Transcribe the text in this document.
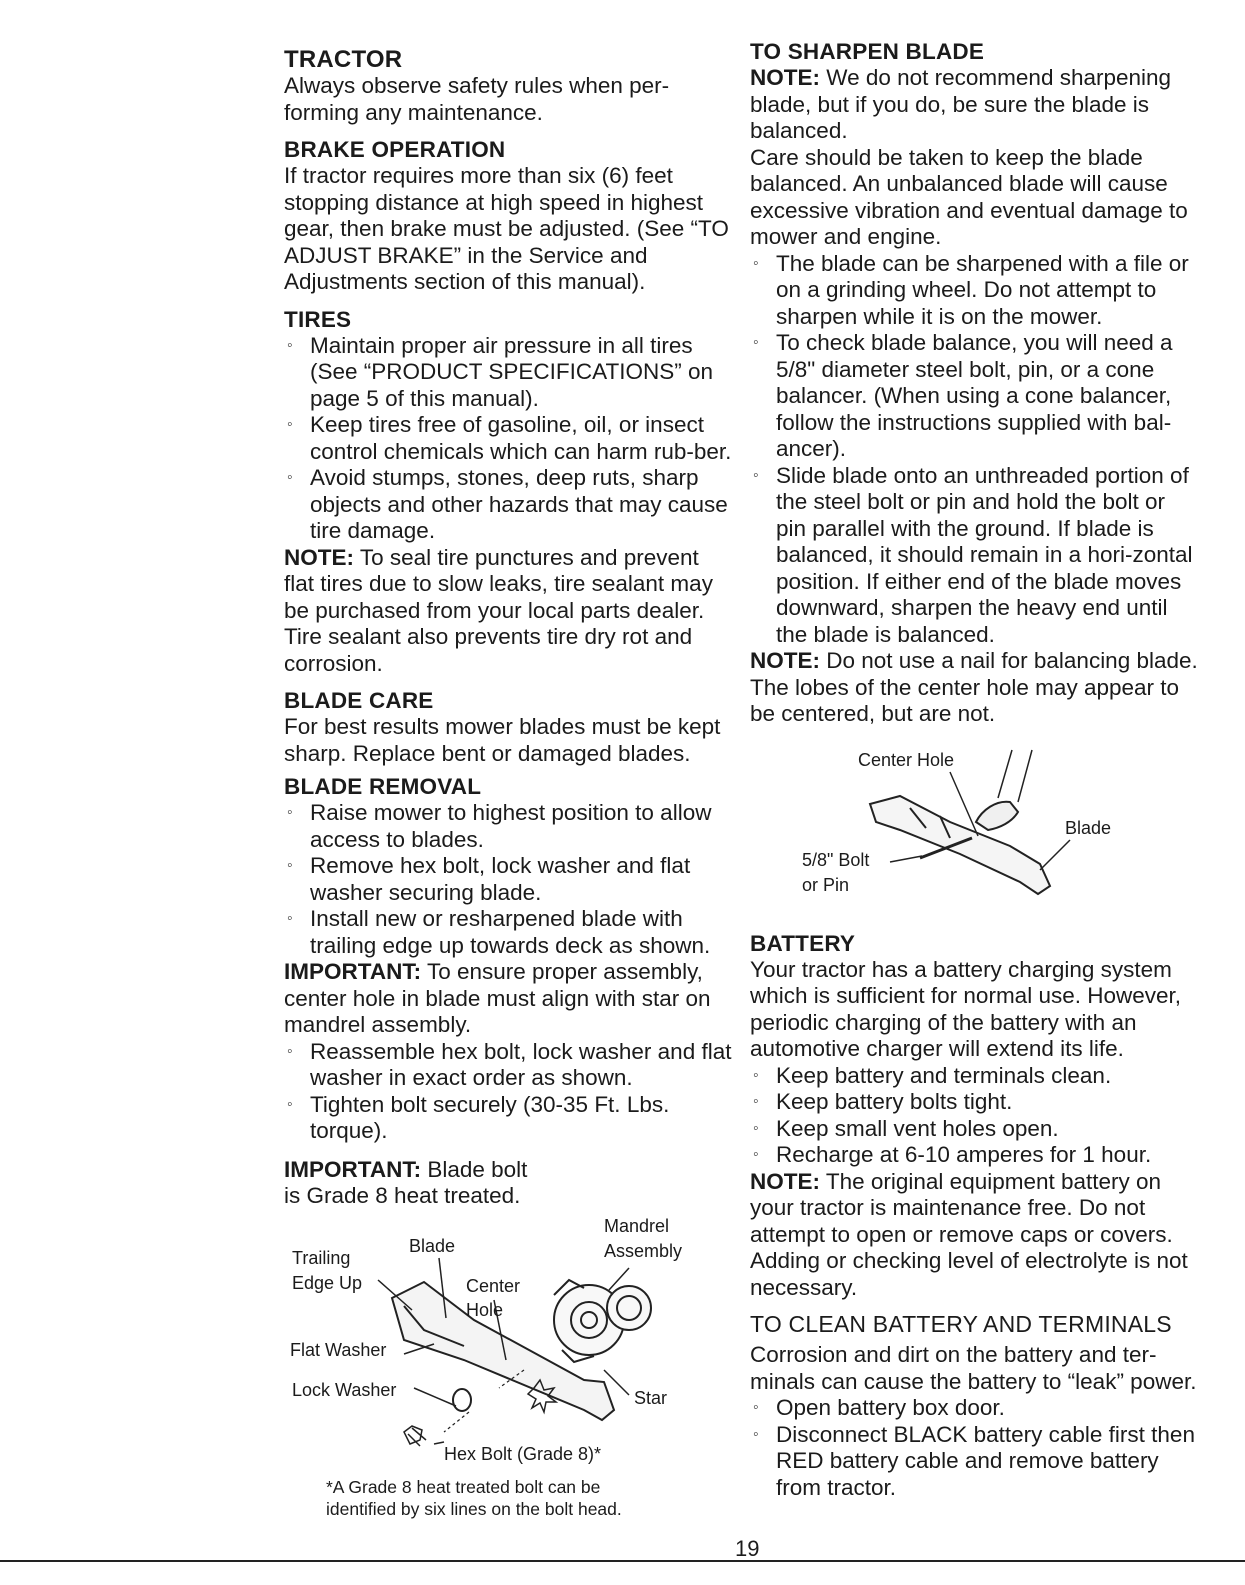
TRACTOR

Always observe safety rules when per-forming any maintenance.

BRAKE OPERATION

If tractor requires more than six (6) feet stopping distance at high speed in highest gear, then brake must be adjusted. (See “TO ADJUST BRAKE” in the Service and Adjustments section of this manual).

TIRES
◦ Maintain proper air pressure in all tires (See “PRODUCT SPECIFICATIONS” on page 5 of this manual).
◦ Keep tires free of gasoline, oil, or insect control chemicals which can harm rub-ber.
◦ Avoid stumps, stones, deep ruts, sharp objects and other hazards that may cause tire damage.

NOTE: To seal tire punctures and prevent flat tires due to slow leaks, tire sealant may be purchased from your local parts dealer. Tire sealant also prevents tire dry rot and corrosion.

BLADE CARE

For best results mower blades must be kept sharp. Replace bent or damaged blades.

BLADE REMOVAL
◦ Raise mower to highest position to allow access to blades.
◦ Remove hex bolt, lock washer and flat washer securing blade.
◦ Install new or resharpened blade with trailing edge up towards deck as shown.

IMPORTANT: To ensure proper assembly, center hole in blade must align with star on mandrel assembly.

◦ Reassemble hex bolt, lock washer and flat washer in exact order as shown.
◦ Tighten bolt securely (30-35 Ft. Lbs. torque).

IMPORTANT: Blade bolt is Grade 8 heat treated.

Mandrel
Assembly
Blade
Trailing
Edge Up	Center
Hole
Flat Washer
Lock Washer	Star
Hex Bolt (Grade 8)*
*A Grade 8 heat treated bolt can be
identified by six lines on the bolt head.
TO SHARPEN BLADE

NOTE: We do not recommend sharpening blade, but if you do, be sure the blade is balanced.

Care should be taken to keep the blade balanced. An unbalanced blade will cause excessive vibration and eventual damage to mower and engine.

◦ The blade can be sharpened with a file or on a grinding wheel. Do not attempt to sharpen while it is on the mower.
◦ To check blade balance, you will need a 5/8" diameter steel bolt, pin, or a cone balancer. (When using a cone balancer, follow the instructions supplied with bal-ancer).
◦ Slide blade onto an unthreaded portion of the steel bolt or pin and hold the bolt or pin parallel with the ground. If blade is balanced, it should remain in a hori-zontal position. If either end of the blade moves downward, sharpen the heavy end until the blade is balanced.

NOTE: Do not use a nail for balancing blade. The lobes of the center hole may appear to be centered, but are not.

Center Hole
Blade
5/8" Bolt
or Pin
BATTERY

Your tractor has a battery charging system which is sufficient for normal use. However, periodic charging of the battery with an automotive charger will extend its life.

◦ Keep battery and terminals clean.
◦ Keep battery bolts tight.
◦ Keep small vent holes open.
◦ Recharge at 6-10 amperes for 1 hour.

NOTE: The original equipment battery on your tractor is maintenance free. Do not attempt to open or remove caps or covers. Adding or checking level of electrolyte is not necessary.

TO CLEAN BATTERY AND TERMINALS

Corrosion and dirt on the battery and ter-minals can cause the battery to “leak” power.

◦ Open battery box door.
◦ Disconnect BLACK battery cable first then RED battery cable and remove battery from tractor.
19
